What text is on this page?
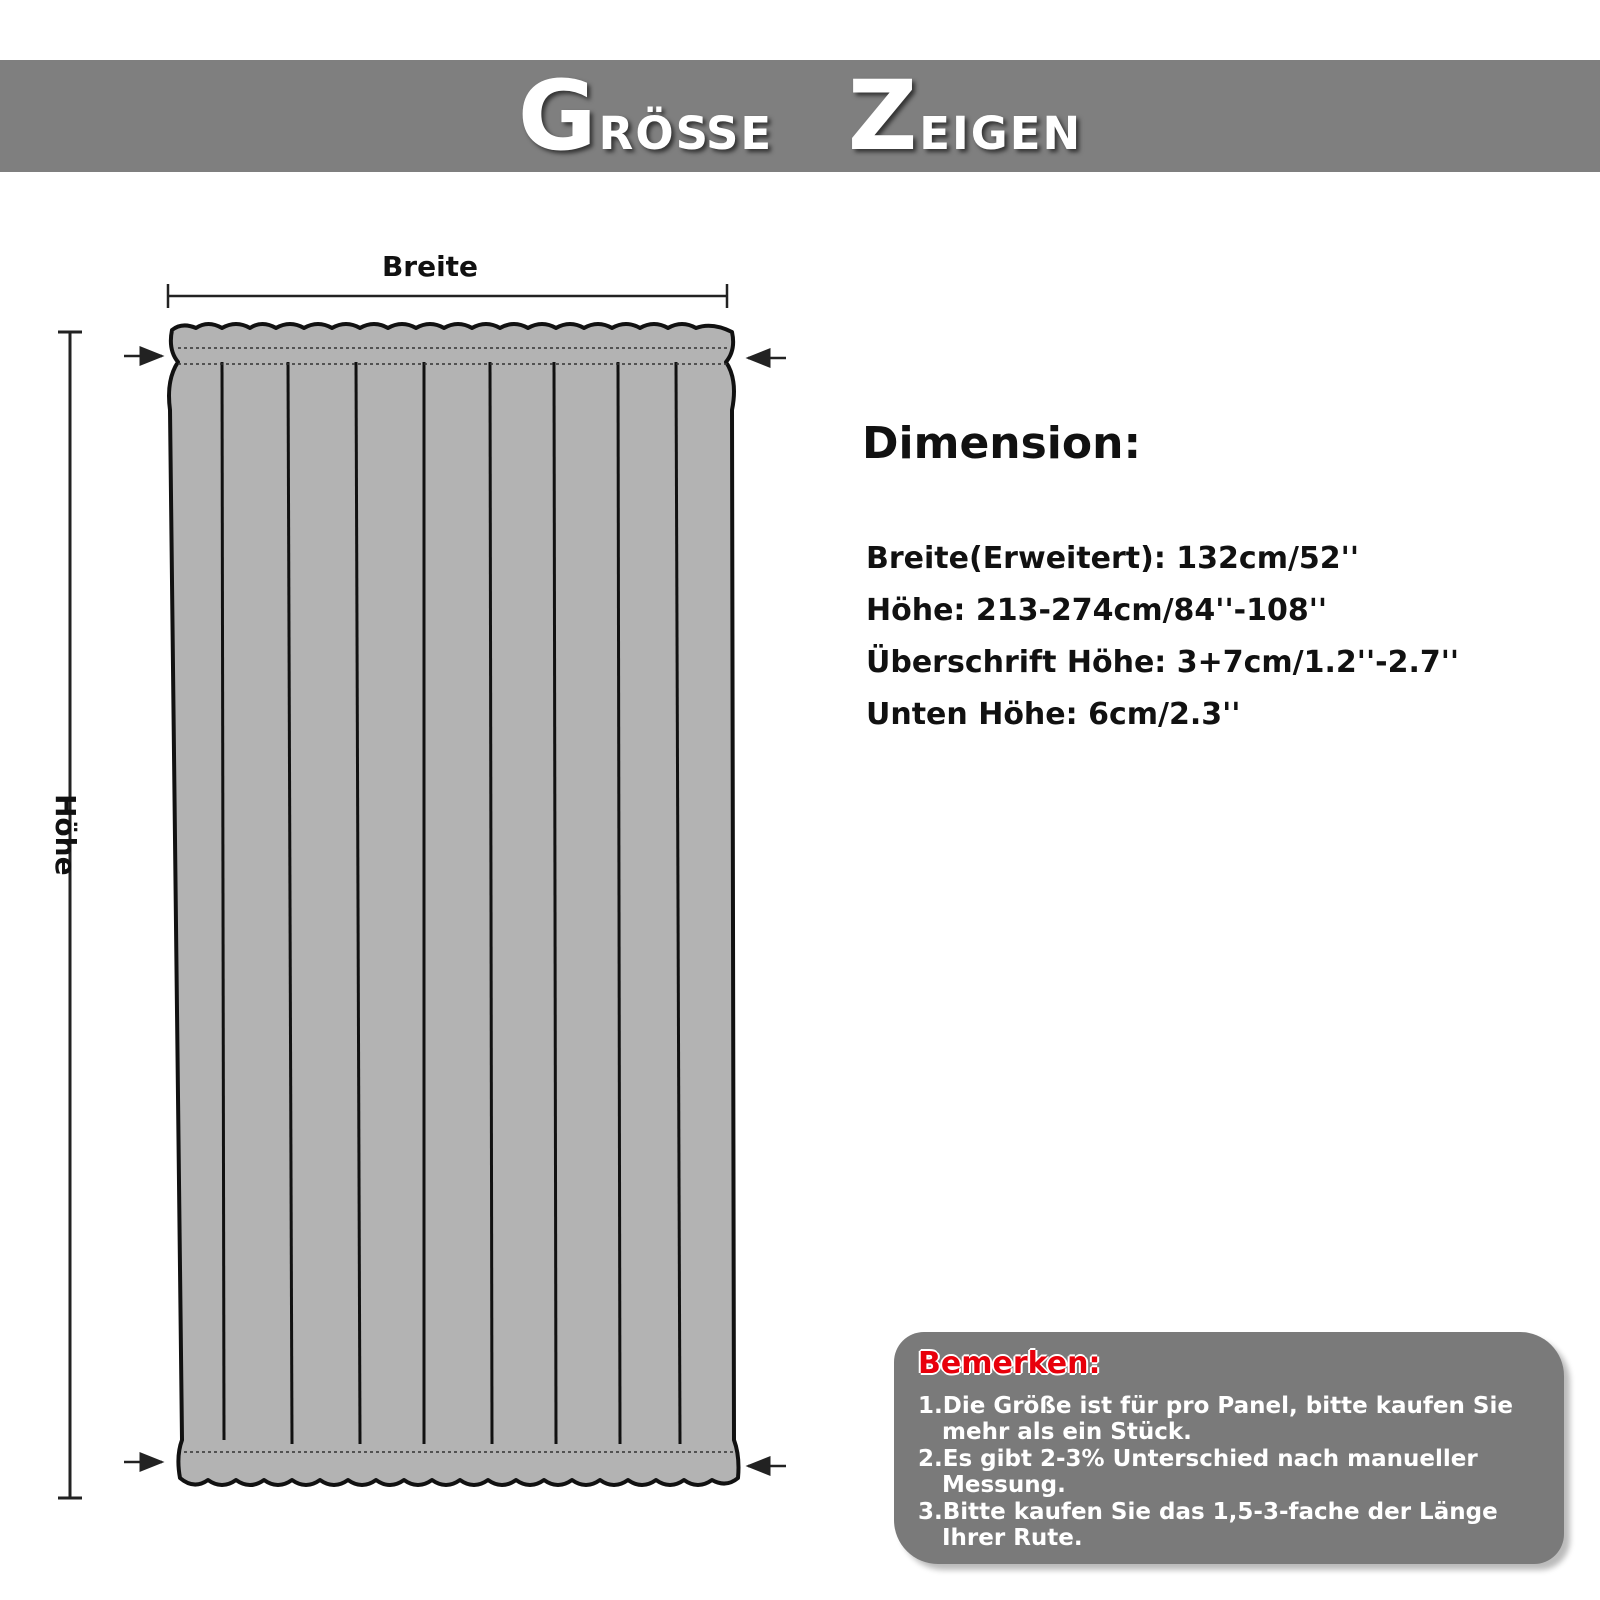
Größe Zeigen
Breite
Höhe
Dimension:
Breite(Erweitert): 132cm/52''
Höhe: 213-274cm/84''-108''
Überschrift Höhe: 3+7cm/1.2''-2.7''
Unten Höhe: 6cm/2.3''
Bemerken:
1.Die Größe ist für pro Panel, bitte kaufen Sie mehr als ein Stück.
2.Es gibt 2-3% Unterschied nach manueller Messung.
3.Bitte kaufen Sie das 1,5-3-fache der Länge Ihrer Rute.
